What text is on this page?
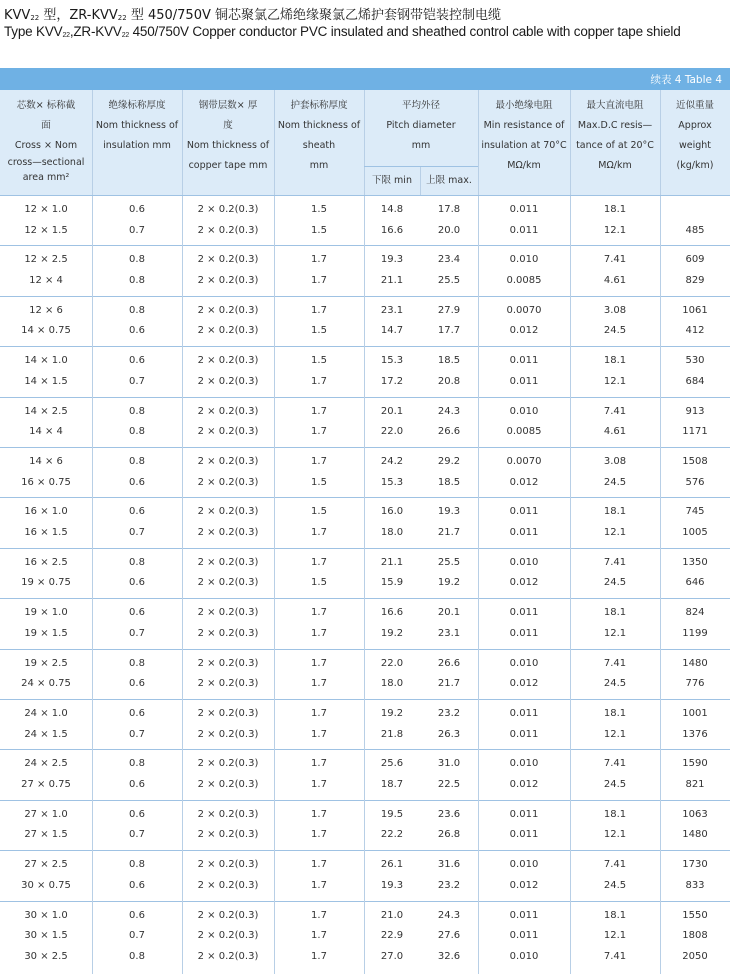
KVV22 型，ZR-KVV22 型 450/750V 铜芯聚氯乙烯绝缘聚氯乙烯护套钢带铠装控制电缆
Type KVV22,ZR-KVV22 450/750V Copper conductor PVC insulated and sheathed control cable with copper tape shield
续表 4 Table 4
芯数× 标称截
面
Cross × Nom
cross—sectional
area mm²
绝缘标称厚度
Nom thickness of
insulation mm
钢带层数× 厚
度
Nom thickness of
copper tape mm
护套标称厚度
Nom thickness of
sheath
mm
平均外径
Pitch diameter
mm
下限 min	上限 max.
最小绝缘电阻
Min resistance of
insulation at 70°C
MΩ/km
最大直流电阻
Max.D.C resis—
tance of at 20°C
MΩ/km
近似重量
Approx
weight
(kg/km)
12 × 1.0	0.6	2 × 0.2(0.3)	1.5	14.8	17.8	0.011	18.1
12 × 1.5	0.7	2 × 0.2(0.3)	1.5	16.6	20.0	0.011	12.1	485
12 × 2.5	0.8	2 × 0.2(0.3)	1.7	19.3	23.4	0.010	7.41	609
12 × 4	0.8	2 × 0.2(0.3)	1.7	21.1	25.5	0.0085	4.61	829
12 × 6	0.8	2 × 0.2(0.3)	1.7	23.1	27.9	0.0070	3.08	1061
14 × 0.75	0.6	2 × 0.2(0.3)	1.5	14.7	17.7	0.012	24.5	412
14 × 1.0	0.6	2 × 0.2(0.3)	1.5	15.3	18.5	0.011	18.1	530
14 × 1.5	0.7	2 × 0.2(0.3)	1.7	17.2	20.8	0.011	12.1	684
14 × 2.5	0.8	2 × 0.2(0.3)	1.7	20.1	24.3	0.010	7.41	913
14 × 4	0.8	2 × 0.2(0.3)	1.7	22.0	26.6	0.0085	4.61	1171
14 × 6	0.8	2 × 0.2(0.3)	1.7	24.2	29.2	0.0070	3.08	1508
16 × 0.75	0.6	2 × 0.2(0.3)	1.5	15.3	18.5	0.012	24.5	576
16 × 1.0	0.6	2 × 0.2(0.3)	1.5	16.0	19.3	0.011	18.1	745
16 × 1.5	0.7	2 × 0.2(0.3)	1.7	18.0	21.7	0.011	12.1	1005
16 × 2.5	0.8	2 × 0.2(0.3)	1.7	21.1	25.5	0.010	7.41	1350
19 × 0.75	0.6	2 × 0.2(0.3)	1.5	15.9	19.2	0.012	24.5	646
19 × 1.0	0.6	2 × 0.2(0.3)	1.7	16.6	20.1	0.011	18.1	824
19 × 1.5	0.7	2 × 0.2(0.3)	1.7	19.2	23.1	0.011	12.1	1199
19 × 2.5	0.8	2 × 0.2(0.3)	1.7	22.0	26.6	0.010	7.41	1480
24 × 0.75	0.6	2 × 0.2(0.3)	1.7	18.0	21.7	0.012	24.5	776
24 × 1.0	0.6	2 × 0.2(0.3)	1.7	19.2	23.2	0.011	18.1	1001
24 × 1.5	0.7	2 × 0.2(0.3)	1.7	21.8	26.3	0.011	12.1	1376
24 × 2.5	0.8	2 × 0.2(0.3)	1.7	25.6	31.0	0.010	7.41	1590
27 × 0.75	0.6	2 × 0.2(0.3)	1.7	18.7	22.5	0.012	24.5	821
27 × 1.0	0.6	2 × 0.2(0.3)	1.7	19.5	23.6	0.011	18.1	1063
27 × 1.5	0.7	2 × 0.2(0.3)	1.7	22.2	26.8	0.011	12.1	1480
27 × 2.5	0.8	2 × 0.2(0.3)	1.7	26.1	31.6	0.010	7.41	1730
30 × 0.75	0.6	2 × 0.2(0.3)	1.7	19.3	23.2	0.012	24.5	833
30 × 1.0	0.6	2 × 0.2(0.3)	1.7	21.0	24.3	0.011	18.1	1550
30 × 1.5	0.7	2 × 0.2(0.3)	1.7	22.9	27.6	0.011	12.1	1808
30 × 2.5	0.8	2 × 0.2(0.3)	1.7	27.0	32.6	0.010	7.41	2050
